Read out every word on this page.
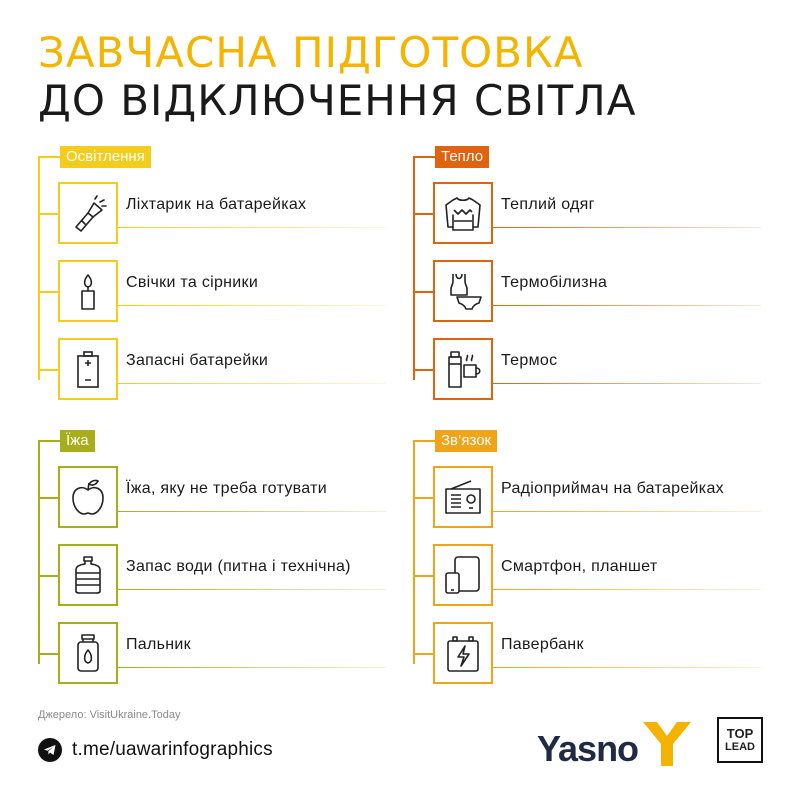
ЗАВЧАСНА ПІДГОТОВКА
ДО ВІДКЛЮЧЕННЯ СВІТЛА
Освітлення
Ліхтарик на батарейках
Свічки та сірники
Запасні батарейки
Тепло
Теплий одяг
Термобілизна
Термос
Їжа
Їжа, яку не треба готувати
Запас води (питна і технічна)
Пальник
Зв’язок
Радіоприймач на батарейках
Смартфон, планшет
Павербанк
Джерело: VisitUkraine.Today
t.me/uawarinfographics	Yasno	TOP
LEAD
